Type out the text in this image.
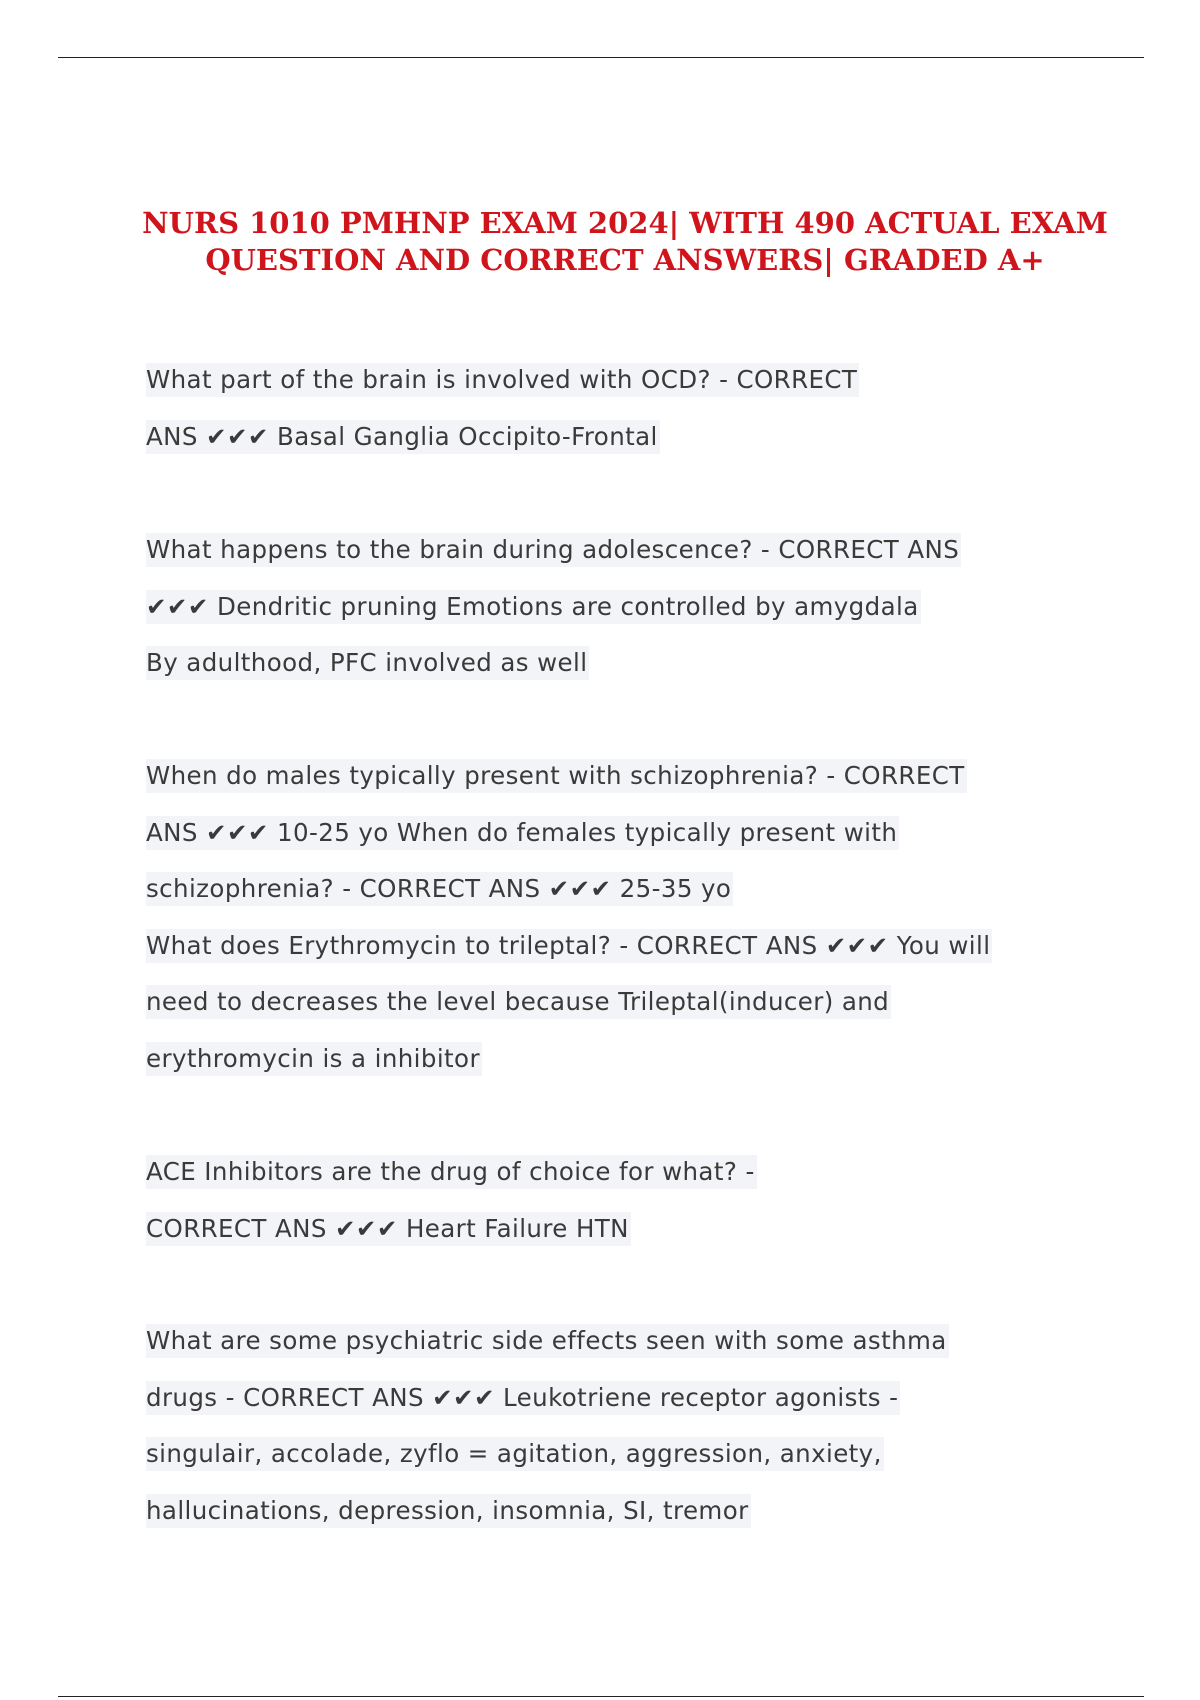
NURS 1010 PMHNP EXAM 2024| WITH 490 ACTUAL EXAM
QUESTION AND CORRECT ANSWERS| GRADED A+
What part of the brain is involved with OCD? - CORRECT
ANS ✔✔✔ Basal Ganglia Occipito-Frontal
What happens to the brain during adolescence? - CORRECT ANS
✔✔✔ Dendritic pruning Emotions are controlled by amygdala
By adulthood, PFC involved as well
When do males typically present with schizophrenia? - CORRECT
ANS ✔✔✔ 10-25 yo When do females typically present with
schizophrenia? - CORRECT ANS ✔✔✔ 25-35 yo
What does Erythromycin to trileptal? - CORRECT ANS ✔✔✔ You will
need to decreases the level because Trileptal(inducer) and
erythromycin is a inhibitor
ACE Inhibitors are the drug of choice for what? -
CORRECT ANS ✔✔✔ Heart Failure HTN
What are some psychiatric side effects seen with some asthma
drugs - CORRECT ANS ✔✔✔ Leukotriene receptor agonists -
singulair, accolade, zyflo = agitation, aggression, anxiety,
hallucinations, depression, insomnia, SI, tremor
